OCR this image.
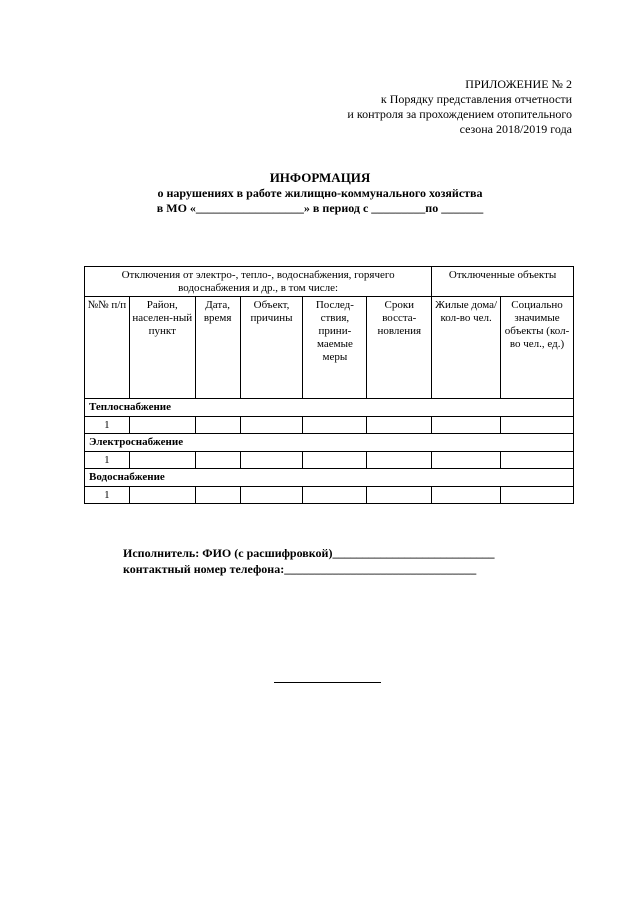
ПРИЛОЖЕНИЕ № 2
к Порядку представления отчетности
и контроля за прохождением отопительного
сезона 2018/2019 года
ИНФОРМАЦИЯ
о нарушениях в работе жилищно-коммунального хозяйства
в МО «__________________» в период с _________по _______
Отключения от электро-, тепло-, водоснабжения, горячего водоснабжения и др., в том числе:						Отключенные объекты	
№№ п/п	Район, населен-ный пункт	Дата, время	Объект, причины	Послед-ствия, прини-маемые меры	Сроки восста-новления	Жилые дома/ кол-во чел.	Социально значимые объекты (кол-во чел., ед.)
Теплоснабжение							
1							
Электроснабжение							
1							
Водоснабжение							
1							
Исполнитель: ФИО (с расшифровкой)___________________________
контактный номер телефона:________________________________
